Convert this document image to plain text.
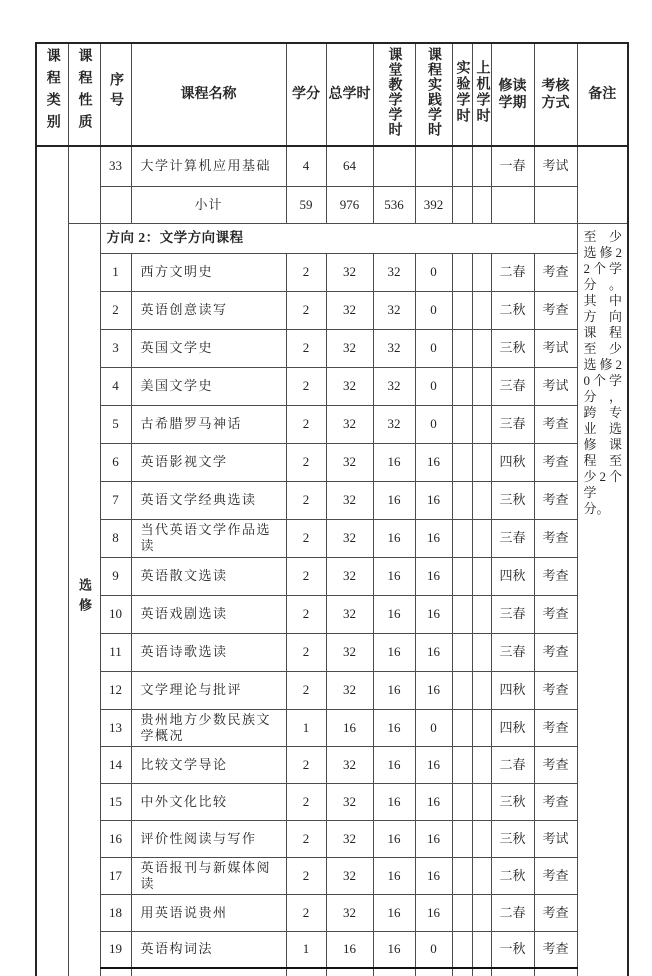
课程类别	课程性质	序号	课程名称	学分	总学时	课堂教学学时	课程实践学时	实验学时	上机学时	修读学期	考核方式	备注
		33	大学计算机应用基础	4	64					一春	考试	
			小计	59	976	536	392					
	选修	方向 2：文学方向课程										至少选修22个学分。其中方向课程至少选修20个学分，跨专业选修课程至少2个学分。
		1	西方文明史	2	32	32	0			二春	考查	
		2	英语创意读写	2	32	32	0			二秋	考查	
		3	英国文学史	2	32	32	0			三秋	考试	
		4	美国文学史	2	32	32	0			三春	考试	
		5	古希腊罗马神话	2	32	32	0			三春	考查	
		6	英语影视文学	2	32	16	16			四秋	考查	
		7	英语文学经典选读	2	32	16	16			三秋	考查	
		8	当代英语文学作品选读	2	32	16	16			三春	考查	
		9	英语散文选读	2	32	16	16			四秋	考查	
		10	英语戏剧选读	2	32	16	16			三春	考查	
		11	英语诗歌选读	2	32	16	16			三春	考查	
		12	文学理论与批评	2	32	16	16			四秋	考查	
		13	贵州地方少数民族文学概况	1	16	16	0			四秋	考查	
		14	比较文学导论	2	32	16	16			二春	考查	
		15	中外文化比较	2	32	16	16			三秋	考查	
		16	评价性阅读与写作	2	32	16	16			三秋	考试	
		17	英语报刊与新媒体阅读	2	32	16	16			二秋	考查	
		18	用英语说贵州	2	32	16	16			二春	考查	
		19	英语构词法	1	16	16	0			一秋	考查	
